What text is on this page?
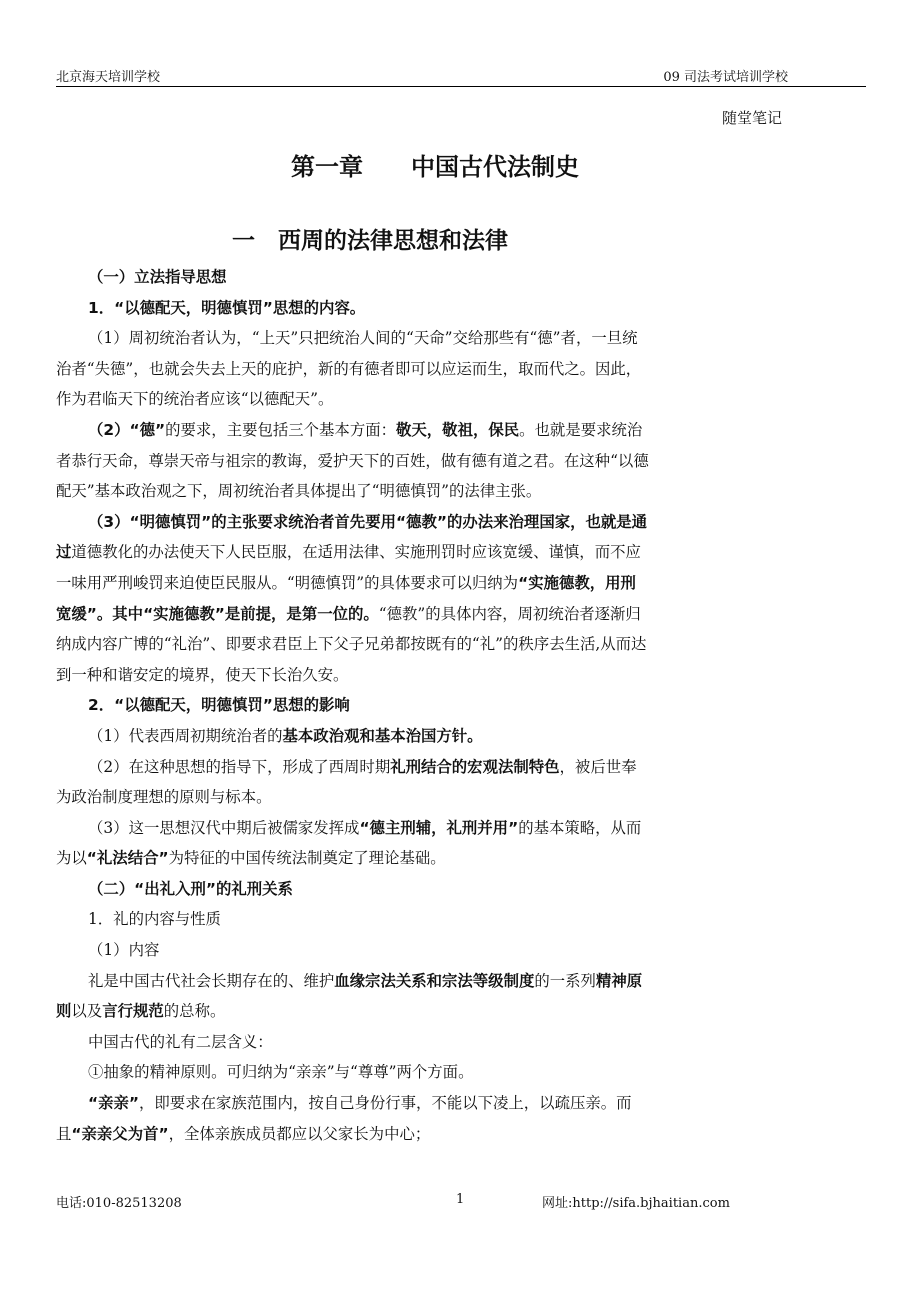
北京海天培训学校	09 司法考试培训学校
随堂笔记
第一章　　中国古代法制史
一　西周的法律思想和法律

（一）立法指导思想

1．“以德配天，明德慎罚”思想的内容。

（1）周初统治者认为，“上天”只把统治人间的“天命”交给那些有“德”者，一旦统治者“失德”，也就会失去上天的庇护，新的有德者即可以应运而生，取而代之。因此，作为君临天下的统治者应该“以德配天”。

（2）“德”的要求，主要包括三个基本方面：敬天，敬祖，保民。也就是要求统治者恭行天命，尊崇天帝与祖宗的教诲，爱护天下的百姓，做有德有道之君。在这种“以德配天”基本政治观之下，周初统治者具体提出了“明德慎罚”的法律主张。

（3）“明德慎罚”的主张要求统治者首先要用“德教”的办法来治理国家，也就是通过道德教化的办法使天下人民臣服，在适用法律、实施刑罚时应该宽缓、谨慎，而不应一味用严刑峻罚来迫使臣民服从。“明德慎罚”的具体要求可以归纳为“实施德教，用刑宽缓”。其中“实施德教”是前提，是第一位的。“德教”的具体内容，周初统治者逐渐归纳成内容广博的“礼治”、即要求君臣上下父子兄弟都按既有的“礼”的秩序去生活,从而达到一种和谐安定的境界，使天下长治久安。

2．“以德配天，明德慎罚”思想的影响

（1）代表西周初期统治者的基本政治观和基本治国方针。

（2）在这种思想的指导下，形成了西周时期礼刑结合的宏观法制特色，被后世奉为政治制度理想的原则与标本。

（3）这一思想汉代中期后被儒家发挥成“德主刑辅，礼刑并用”的基本策略，从而为以“礼法结合”为特征的中国传统法制奠定了理论基础。

（二）“出礼入刑”的礼刑关系

1．礼的内容与性质

（1）内容

礼是中国古代社会长期存在的、维护血缘宗法关系和宗法等级制度的一系列精神原则以及言行规范的总称。

中国古代的礼有二层含义：

①抽象的精神原则。可归纳为“亲亲”与“尊尊”两个方面。

“亲亲”，即要求在家族范围内，按自己身份行事，不能以下凌上，以疏压亲。而且“亲亲父为首”，全体亲族成员都应以父家长为中心；

电话:010-82513208	1	网址:http://sifa.bjhaitian.com
